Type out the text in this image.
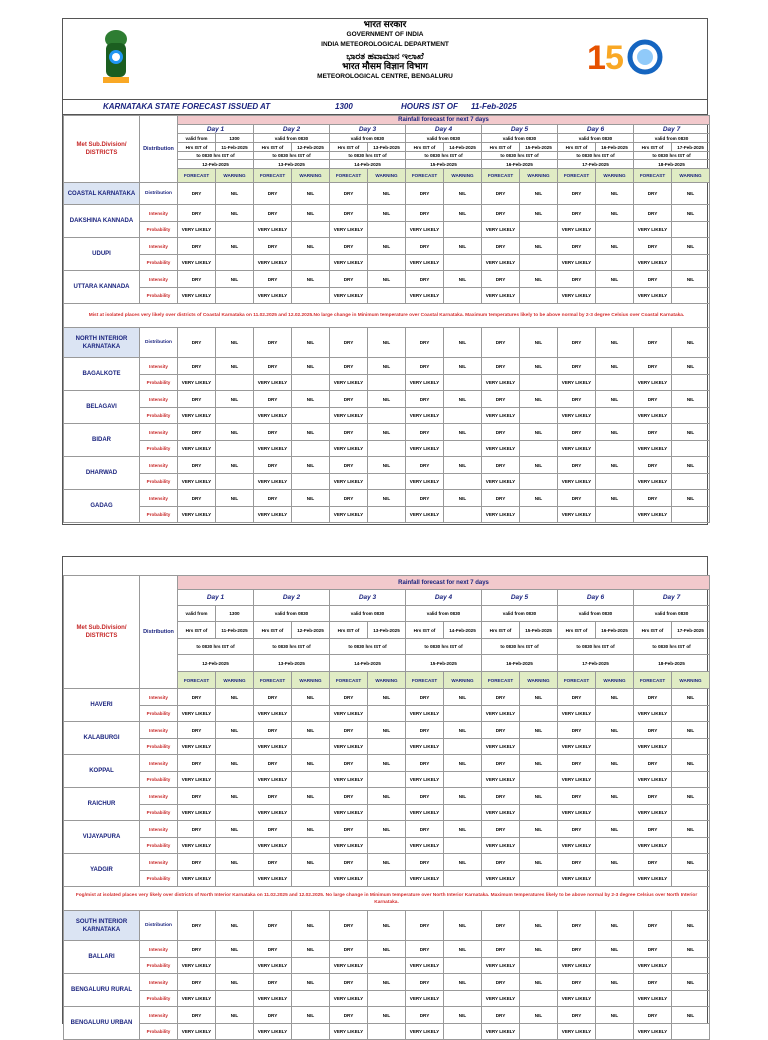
भारत सरकार
GOVERNMENT OF INDIA
INDIA METEOROLOGICAL DEPARTMENT
ಭಾರತ ಹವಾಮಾನ ಇಲಾಖೆ
भारत मौसम विज्ञान विभाग
METEOROLOGICAL CENTRE, BENGALURU	1 5
KARNATAKA STATE FORECAST ISSUED AT	1300	HOURS IST OF 11-Feb-2025
Met Sub.Division/ DISTRICTS	Distribution	Rainfall forecast for next 7 days													
		Day 1		Day 2		Day 3		Day 4		Day 5		Day 6		Day 7	
		valid from	1300	valid from 0830		valid from 0830		valid from 0830		valid from 0830		valid from 0830		valid from 0830	
		Hrs IST of	11-Feb-2025	Hrs IST of	12-Feb-2025	Hrs IST of	13-Feb-2025	Hrs IST of	14-Feb-2025	Hrs IST of	15-Feb-2025	Hrs IST of	16-Feb-2025	Hrs IST of	17-Feb-2025
		to 0830 hrs IST of		to 0830 hrs IST of		to 0830 hrs IST of		to 0830 hrs IST of		to 0830 hrs IST of		to 0830 hrs IST of		to 0830 hrs IST of	
		12-Feb-2025		13-Feb-2025		14-Feb-2025		15-Feb-2025		16-Feb-2025		17-Feb-2025		18-Feb-2025	
		FORECAST	WARNING	FORECAST	WARNING	FORECAST	WARNING	FORECAST	WARNING	FORECAST	WARNING	FORECAST	WARNING	FORECAST	WARNING
COASTAL KARNATAKA	Distribution	DRY	NIL	DRY	NIL	DRY	NIL	DRY	NIL	DRY	NIL	DRY	NIL	DRY	NIL
DAKSHINA KANNADA	Intensity	DRY	NIL	DRY	NIL	DRY	NIL	DRY	NIL	DRY	NIL	DRY	NIL	DRY	NIL
	Probability	VERY LIKELY		VERY LIKELY		VERY LIKELY		VERY LIKELY		VERY LIKELY		VERY LIKELY		VERY LIKELY	
UDUPI	Intensity	DRY	NIL	DRY	NIL	DRY	NIL	DRY	NIL	DRY	NIL	DRY	NIL	DRY	NIL
	Probability	VERY LIKELY		VERY LIKELY		VERY LIKELY		VERY LIKELY		VERY LIKELY		VERY LIKELY		VERY LIKELY	
UTTARA KANNADA	Intensity	DRY	NIL	DRY	NIL	DRY	NIL	DRY	NIL	DRY	NIL	DRY	NIL	DRY	NIL
	Probability	VERY LIKELY		VERY LIKELY		VERY LIKELY		VERY LIKELY		VERY LIKELY		VERY LIKELY		VERY LIKELY	
Mist at isolated places very likely over districts of Coastal Karnataka on 11.02.2025 and 12.02.2025.No large change in Minimum temperature over Coastal Karnataka. Maximum temperatures likely to be above normal by 2-3 degree Celsius over Coastal Karnataka.															
NORTH INTERIOR KARNATAKA	Distribution	DRY	NIL	DRY	NIL	DRY	NIL	DRY	NIL	DRY	NIL	DRY	NIL	DRY	NIL
BAGALKOTE	Intensity	DRY	NIL	DRY	NIL	DRY	NIL	DRY	NIL	DRY	NIL	DRY	NIL	DRY	NIL
	Probability	VERY LIKELY		VERY LIKELY		VERY LIKELY		VERY LIKELY		VERY LIKELY		VERY LIKELY		VERY LIKELY	
BELAGAVI	Intensity	DRY	NIL	DRY	NIL	DRY	NIL	DRY	NIL	DRY	NIL	DRY	NIL	DRY	NIL
	Probability	VERY LIKELY		VERY LIKELY		VERY LIKELY		VERY LIKELY		VERY LIKELY		VERY LIKELY		VERY LIKELY	
BIDAR	Intensity	DRY	NIL	DRY	NIL	DRY	NIL	DRY	NIL	DRY	NIL	DRY	NIL	DRY	NIL
	Probability	VERY LIKELY		VERY LIKELY		VERY LIKELY		VERY LIKELY		VERY LIKELY		VERY LIKELY		VERY LIKELY	
DHARWAD	Intensity	DRY	NIL	DRY	NIL	DRY	NIL	DRY	NIL	DRY	NIL	DRY	NIL	DRY	NIL
	Probability	VERY LIKELY		VERY LIKELY		VERY LIKELY		VERY LIKELY		VERY LIKELY		VERY LIKELY		VERY LIKELY	
GADAG	Intensity	DRY	NIL	DRY	NIL	DRY	NIL	DRY	NIL	DRY	NIL	DRY	NIL	DRY	NIL
	Probability	VERY LIKELY		VERY LIKELY		VERY LIKELY		VERY LIKELY		VERY LIKELY		VERY LIKELY		VERY LIKELY	
Met Sub.Division/ DISTRICTS	Distribution	Rainfall forecast for next 7 days													
		Day 1		Day 2		Day 3		Day 4		Day 5		Day 6		Day 7	
		valid from	1300	valid from 0830		valid from 0830		valid from 0830		valid from 0830		valid from 0830		valid from 0830	
		Hrs IST of	11-Feb-2025	Hrs IST of	12-Feb-2025	Hrs IST of	13-Feb-2025	Hrs IST of	14-Feb-2025	Hrs IST of	15-Feb-2025	Hrs IST of	16-Feb-2025	Hrs IST of	17-Feb-2025
		to 0830 hrs IST of		to 0830 hrs IST of		to 0830 hrs IST of		to 0830 hrs IST of		to 0830 hrs IST of		to 0830 hrs IST of		to 0830 hrs IST of	
		12-Feb-2025		13-Feb-2025		14-Feb-2025		15-Feb-2025		16-Feb-2025		17-Feb-2025		18-Feb-2025	
		FORECAST	WARNING	FORECAST	WARNING	FORECAST	WARNING	FORECAST	WARNING	FORECAST	WARNING	FORECAST	WARNING	FORECAST	WARNING
HAVERI	Intensity	DRY	NIL	DRY	NIL	DRY	NIL	DRY	NIL	DRY	NIL	DRY	NIL	DRY	NIL
	Probability	VERY LIKELY		VERY LIKELY		VERY LIKELY		VERY LIKELY		VERY LIKELY		VERY LIKELY		VERY LIKELY	
KALABURGI	Intensity	DRY	NIL	DRY	NIL	DRY	NIL	DRY	NIL	DRY	NIL	DRY	NIL	DRY	NIL
	Probability	VERY LIKELY		VERY LIKELY		VERY LIKELY		VERY LIKELY		VERY LIKELY		VERY LIKELY		VERY LIKELY	
KOPPAL	Intensity	DRY	NIL	DRY	NIL	DRY	NIL	DRY	NIL	DRY	NIL	DRY	NIL	DRY	NIL
	Probability	VERY LIKELY		VERY LIKELY		VERY LIKELY		VERY LIKELY		VERY LIKELY		VERY LIKELY		VERY LIKELY	
RAICHUR	Intensity	DRY	NIL	DRY	NIL	DRY	NIL	DRY	NIL	DRY	NIL	DRY	NIL	DRY	NIL
	Probability	VERY LIKELY		VERY LIKELY		VERY LIKELY		VERY LIKELY		VERY LIKELY		VERY LIKELY		VERY LIKELY	
VIJAYAPURA	Intensity	DRY	NIL	DRY	NIL	DRY	NIL	DRY	NIL	DRY	NIL	DRY	NIL	DRY	NIL
	Probability	VERY LIKELY		VERY LIKELY		VERY LIKELY		VERY LIKELY		VERY LIKELY		VERY LIKELY		VERY LIKELY	
YADGIR	Intensity	DRY	NIL	DRY	NIL	DRY	NIL	DRY	NIL	DRY	NIL	DRY	NIL	DRY	NIL
	Probability	VERY LIKELY		VERY LIKELY		VERY LIKELY		VERY LIKELY		VERY LIKELY		VERY LIKELY		VERY LIKELY	
Fog/mist at isolated places very likely over districts of North Interior Karnataka on 11.02.2025 and 12.02.2025. No large change in Minimum temperature over North Interior Karnataka. Maximum temperatures likely to be above normal by 2-3 degree Celsius over North Interior Karnataka.															
SOUTH INTERIOR KARNATAKA	Distribution	DRY	NIL	DRY	NIL	DRY	NIL	DRY	NIL	DRY	NIL	DRY	NIL	DRY	NIL
BALLARI	Intensity	DRY	NIL	DRY	NIL	DRY	NIL	DRY	NIL	DRY	NIL	DRY	NIL	DRY	NIL
	Probability	VERY LIKELY		VERY LIKELY		VERY LIKELY		VERY LIKELY		VERY LIKELY		VERY LIKELY		VERY LIKELY	
BENGALURU RURAL	Intensity	DRY	NIL	DRY	NIL	DRY	NIL	DRY	NIL	DRY	NIL	DRY	NIL	DRY	NIL
	Probability	VERY LIKELY		VERY LIKELY		VERY LIKELY		VERY LIKELY		VERY LIKELY		VERY LIKELY		VERY LIKELY	
BENGALURU URBAN	Intensity	DRY	NIL	DRY	NIL	DRY	NIL	DRY	NIL	DRY	NIL	DRY	NIL	DRY	NIL
	Probability	VERY LIKELY		VERY LIKELY		VERY LIKELY		VERY LIKELY		VERY LIKELY		VERY LIKELY		VERY LIKELY	
